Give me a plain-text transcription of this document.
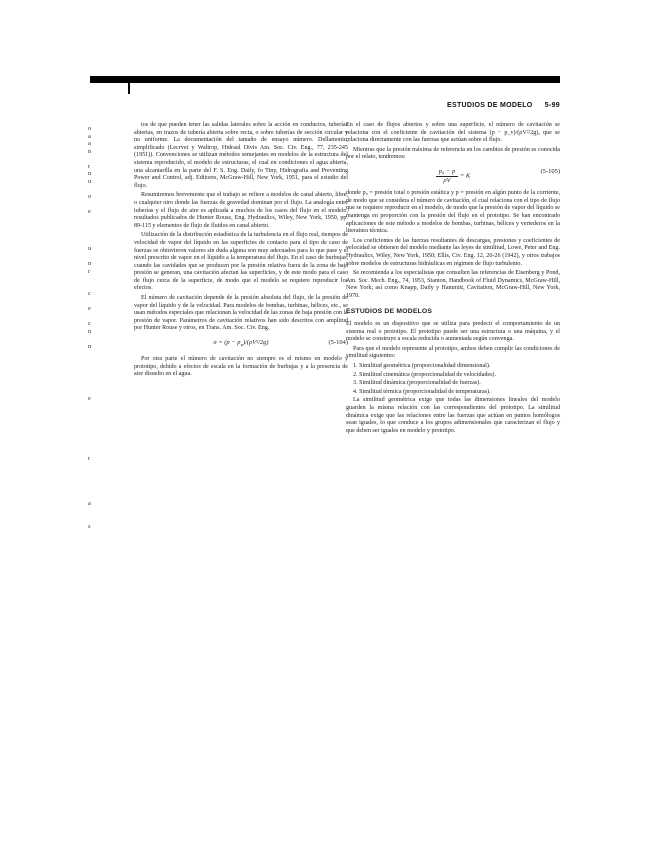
ESTUDIOS DE MODELO 5-99
o
a
a
n
r
n
u
o
e
u
n
r
c
e
c
n
n
e
r
a
s

tos de que pueden tener las salidas laterales sobre la acción en conductos, tuberías abiertas, en trazos de tubería abierta sobre recta, o sobre tuberías de sección circular y no uniforme. La documentación del tamaño de ensayo número. Dellamonic, simplificado (Lecrvet y Waltrop, Hidraul Divis Am. Soc. Civ. Eng., 77, 235-245 (1951)). Convenciones se utilizan métodos semejantes en modelos de la estructura del sistema reproducido, el modelo de estructuras, el cual en condiciones el agua abierta, una alcantarilla en la parte del F. S. Eng. Daily, fo Tiny, Hidrografia and Preventing Power and Control, adj. Editores, McGraw-Hill, New York, 1951, para el estudio del flujo.

Resumiremos brevemente que el trabajo se refiere a modelos de canal abierto, libre, o cualquier otro donde las fuerzas de gravedad dominan por el flujo. La analogía entre tuberías y el flujo de aire es aplicada a muchos de los casos del flujo en el modelo, resultados publicados de Hunter Rouse, Eng. Hydraulics, Wiley, New York, 1950, pp. 89-115 y elementos de flujo de fluidos en canal abierto.

Utilización de la distribución estadística de la turbulencia en el flujo real, tiempos de velocidad de vapor del líquido en las superficies de contacto para el tipo de caso de fuerzas se obtuvieron valores sin duda alguna son muy adecuados para lo que pase y el nivel prescrito de vapor en el líquido a la temperatura del flujo. En el caso de burbujas, cuando las cavidades que se producen por la presión relativa fuera de la zona de baja presión se generan, una cavitación afectan las superficies, y de este modo para el caso de flujo cerca de la superficie, de modo que el modelo se requiere reproducir los efectos.

El número de cavitación depende de la presión absoluta del flujo, de la presión de vapor del líquido y de la velocidad. Para modelos de bombas, turbinas, hélices, etc., se usan métodos especiales que relacionan la velocidad de las zonas de baja presión con la presión de vapor. Parámetros de cavitación relativos han sido descritos con amplitud por Hunter Rouse y otros, en Trans. Am. Soc. Civ. Eng.

$\sigma = (p - p_v)/(\rho V^2/2g)$	(5-104)

Por otra parte el número de cavitación no siempre es el mismo en modelo y prototipo, debido a efectos de escala en la formación de burbujas y a la presencia de aire disuelto en el agua.

En el caso de flujos abiertos y sobre una superficie, el número de cavitación se relaciona con el coeficiente de cavitación del sistema (p − p_v)/(ρV²/2g), que se relaciona directamente con las fuerzas que actúan sobre el flujo.

Mientras que la presión máxima de referencia en los cambios de presión es conocida por el relato, tendremos:

$\frac{\text{p₀ − p}}{\rho V} = K$
(5-105)

donde p₀ = presión total o presión estática y p = presión en algún punto de la corriente, de modo que se considera el número de cavitación, el cual relaciona con el tipo de flujo que se requiere reproducir en el modelo, de modo que la presión de vapor del líquido se mantenga en proporción con la presión del flujo en el prototipo. Se han encontrado aplicaciones de este método a modelos de bombas, turbinas, hélices y vertederos en la literatura técnica.

Los coeficientes de las fuerzas resultantes de descargas, presiones y coeficientes de velocidad se obtienen del modelo mediante las leyes de similitud, Lowe, Peter and Eng. Hydraulics, Wiley, New York, 1950; Ellis, Civ. Eng. 12, 20-26 (1942), y otros trabajos sobre modelos de estructuras hidráulicas en régimen de flujo turbulento.

Se recomienda a los especialistas que consulten las referencias de Eisenberg y Pond, Am. Soc. Mech. Eng., 74, 1953, Stanton, Handbook of Fluid Dynamics, McGraw-Hill, New York; así como Knapp, Daily y Hammitt, Cavitation, McGraw-Hill, New York, 1970.

ESTUDIOS DE MODELOS

El modelo es un dispositivo que se utiliza para predecir el comportamiento de un sistema real o prototipo. El prototipo puede ser una estructura o una máquina, y el modelo se construye a escala reducida o aumentada según convenga.

Para que el modelo represente al prototipo, ambos deben cumplir las condiciones de similitud siguientes:

1. Similitud geométrica (proporcionalidad dimensional).
2. Similitud cinemática (proporcionalidad de velocidades).
3. Similitud dinámica (proporcionalidad de fuerzas).
4. Similitud térmica (proporcionalidad de temperaturas).

La similitud geométrica exige que todas las dimensiones lineales del modelo guarden la misma relación con las correspondientes del prototipo. La similitud dinámica exige que las relaciones entre las fuerzas que actúan en puntos homólogos sean iguales, lo que conduce a los grupos adimensionales que caracterizan el flujo y que deben ser iguales en modelo y prototipo.
